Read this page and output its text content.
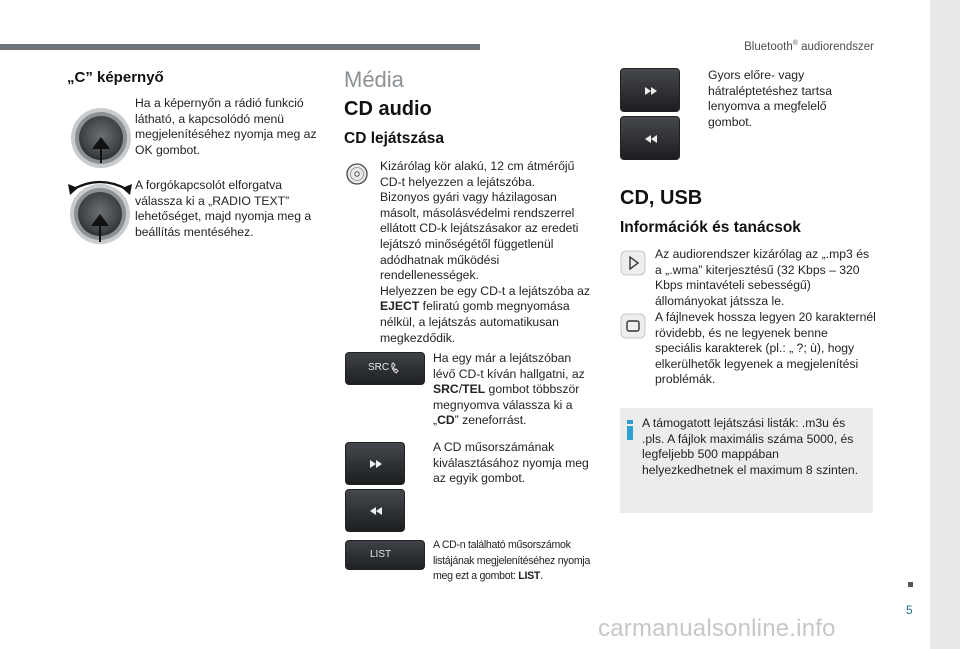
Bluetooth® audiorendszer
„C” képernyő

Ha a képernyőn a rádió funkció látható, a kapcsolódó menü megjelenítéséhez nyomja meg az OK gombot.

A forgókapcsolót elforgatva válassza ki a „RADIO TEXT” lehetőséget, majd nyomja meg a beállítás mentéséhez.

Média
CD audio
CD lejátszása

Kizárólag kör alakú, 12 cm átmérőjű CD-t helyezzen a lejátszóba.

Bizonyos gyári vagy házilagosan másolt, másolásvédelmi rendszerrel ellátott CD-k lejátszásakor az eredeti lejátszó minőségétől függetlenül adódhatnak működési rendellenességek.

Helyezzen be egy CD-t a lejátszóba az EJECT feliratú gomb megnyomása nélkül, a lejátszás automatikusan megkezdődik.

SRC

Ha egy már a lejátszóban lévő CD-t kíván hallgatni, az SRC/TEL gombot többször megnyomva válassza ki a „CD” zeneforrást.

A CD műsorszámának kiválasztásához nyomja meg az egyik gombot.

LIST

A CD-n található műsorszámok listájának megjelenítéséhez nyomja meg ezt a gombot: LIST.

Gyors előre- vagy hátraléptetéshez tartsa lenyomva a megfelelő gombot.

CD, USB
Információk és tanácsok

Az audiorendszer kizárólag az „.mp3 és a „.wma” kiterjesztésű (32 Kbps – 320 Kbps mintavételi sebességű) állományokat játssza le.

A fájlnevek hossza legyen 20 karakternél rövidebb, és ne legyenek benne speciális karakterek (pl.: „ ?; ù), hogy elkerülhetők legyenek a megjelenítési problémák.

A támogatott lejátszási listák: .m3u és .pls. A fájlok maximális száma 5000, és legfeljebb 500 mappában helyezkedhetnek el maximum 8 szinten.

5
carmanualsonline.info
